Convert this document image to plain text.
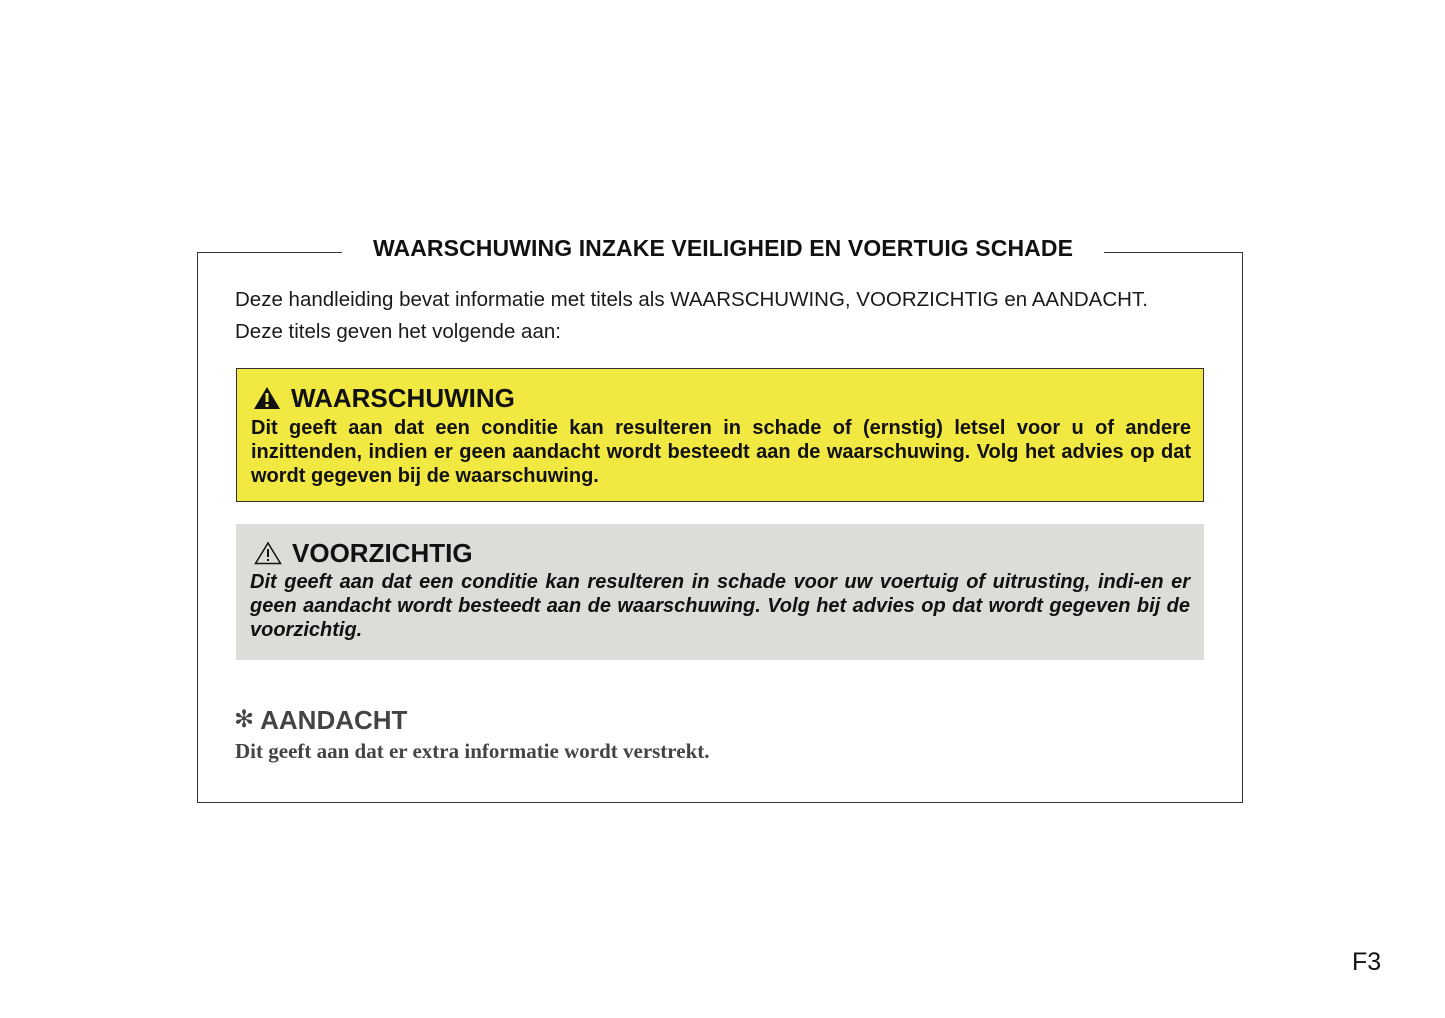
WAARSCHUWING INZAKE VEILIGHEID EN VOERTUIG SCHADE
Deze handleiding bevat informatie met titels als WAARSCHUWING, VOORZICHTIG en AANDACHT.
Deze titels geven het volgende aan:
WAARSCHUWING
Dit geeft aan dat een conditie kan resulteren in schade of (ernstig) letsel voor u of andere inzittenden, indien er geen aandacht wordt besteedt aan de waarschuwing. Volg het advies op dat wordt gegeven bij de waarschuwing.
VOORZICHTIG
Dit geeft aan dat een conditie kan resulteren in schade voor uw voertuig of uitrusting, indi-en er geen aandacht wordt besteedt aan de waarschuwing. Volg het advies op dat wordt gegeven bij de voorzichtig.
✻ AANDACHT
Dit geeft aan dat er extra informatie wordt verstrekt.
F3
